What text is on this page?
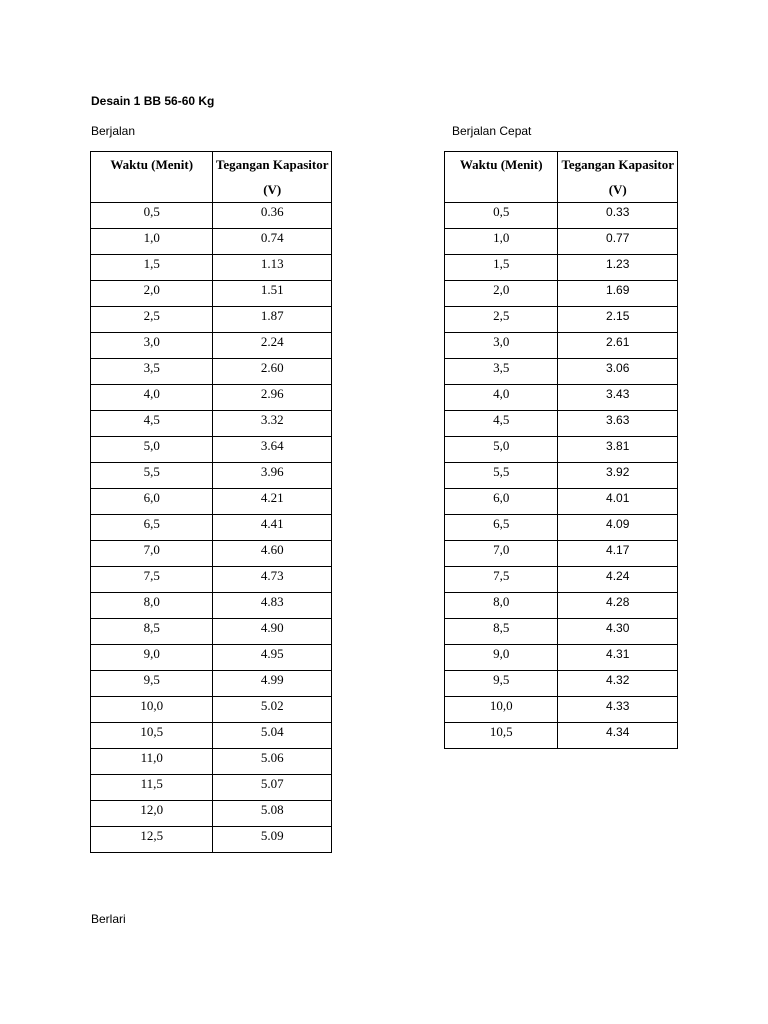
Desain 1 BB 56-60 Kg
Berjalan	Berjalan Cepat
Waktu (Menit)	Tegangan Kapasitor (V)
0,5	0.36
1,0	0.74
1,5	1.13
2,0	1.51
2,5	1.87
3,0	2.24
3,5	2.60
4,0	2.96
4,5	3.32
5,0	3.64
5,5	3.96
6,0	4.21
6,5	4.41
7,0	4.60
7,5	4.73
8,0	4.83
8,5	4.90
9,0	4.95
9,5	4.99
10,0	5.02
10,5	5.04
11,0	5.06
11,5	5.07
12,0	5.08
12,5	5.09
Waktu (Menit)	Tegangan Kapasitor (V)
0,5	0.33
1,0	0.77
1,5	1.23
2,0	1.69
2,5	2.15
3,0	2.61
3,5	3.06
4,0	3.43
4,5	3.63
5,0	3.81
5,5	3.92
6,0	4.01
6,5	4.09
7,0	4.17
7,5	4.24
8,0	4.28
8,5	4.30
9,0	4.31
9,5	4.32
10,0	4.33
10,5	4.34
Berlari
